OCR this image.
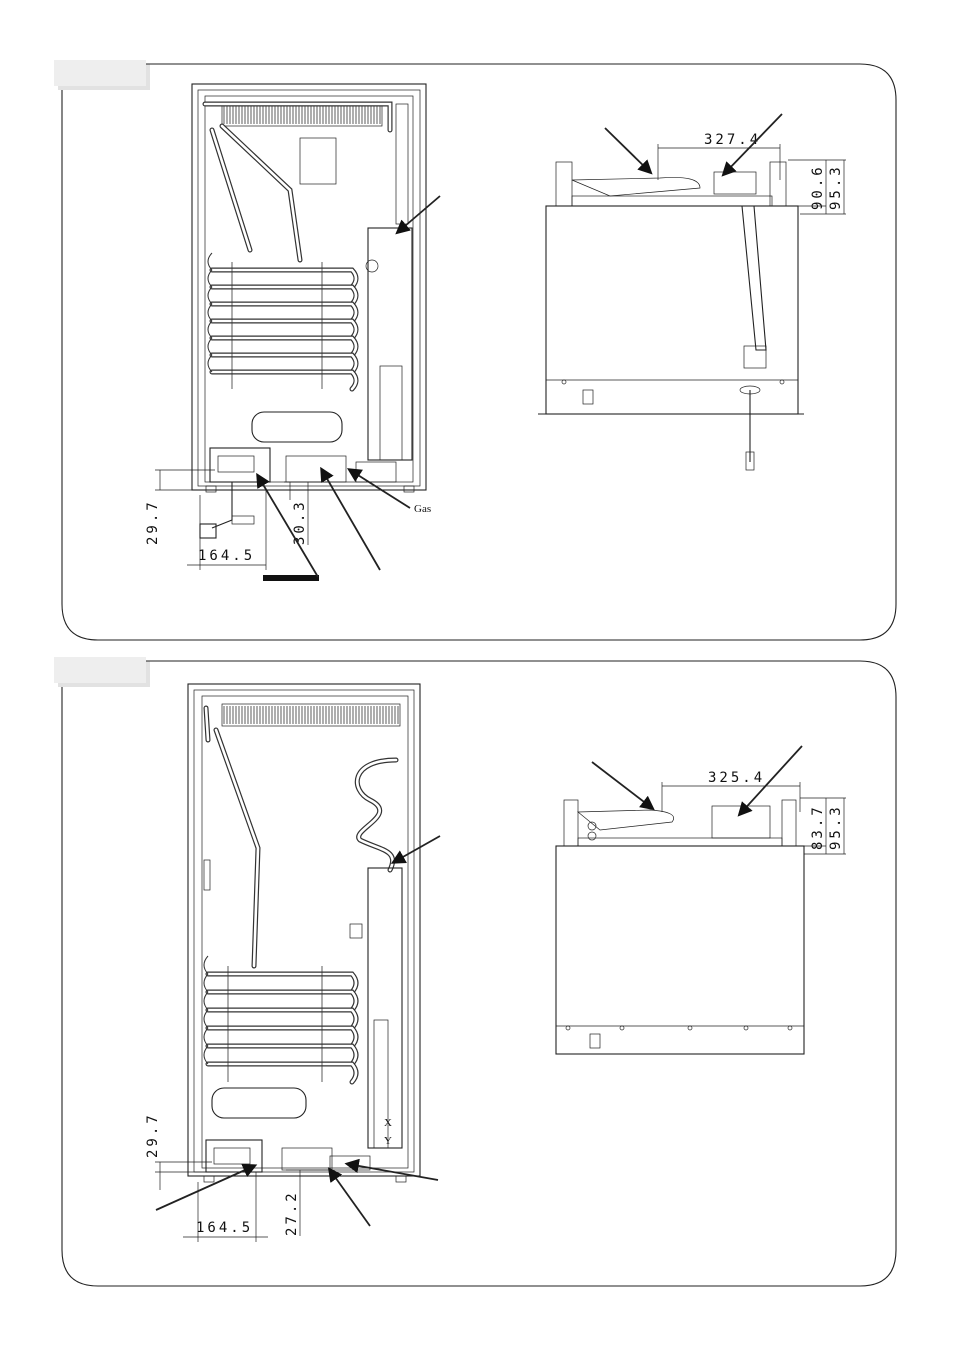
29.7
164.5
30.3	Gas
327.4
90.6 95.3
X
Y
29.7
164.5 27.2
325.4
83.7 95.3
